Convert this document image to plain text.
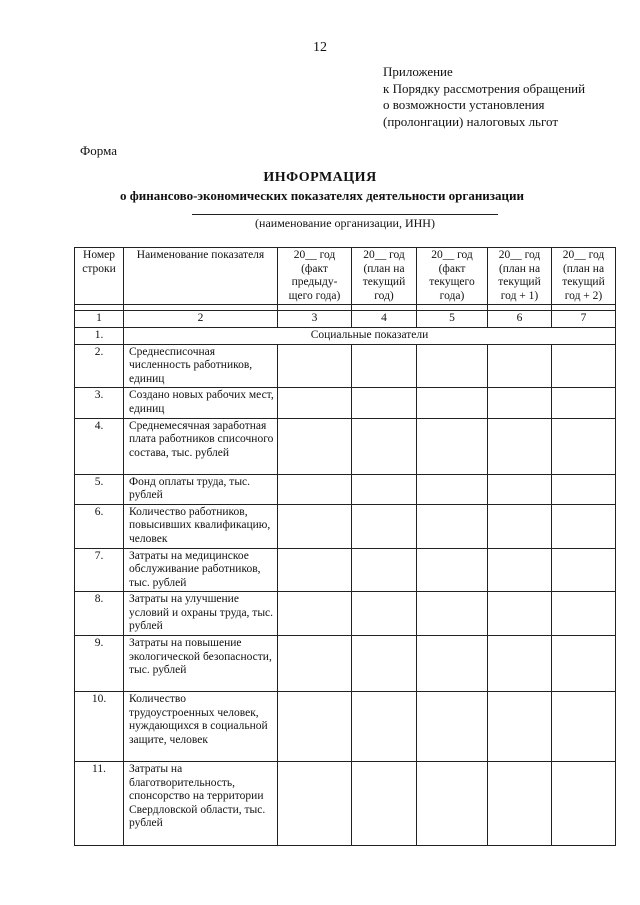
12
Приложение
к Порядку рассмотрения обращений
о возможности установления
(пролонгации) налоговых льгот
Форма
ИНФОРМАЦИЯ
о финансово-экономических показателях деятельности организации
(наименование организации, ИНН)
Номер строки	Наименование показателя	20__ год (факт предыду-щего года)	20__ год (план на текущий год)	20__ год (факт текущего года)	20__ год (план на текущий год + 1)	20__ год (план на текущий год + 2)

1	2	3	4	5	6	7
1.	Социальные показатели					
2.	Среднесписочная численность работников, единиц					
3.	Создано новых рабочих мест, единиц					
4.	Среднемесячная заработная плата работников списочного состава, тыс. рублей					
5.	Фонд оплаты труда, тыс. рублей					
6.	Количество работников, повысивших квалификацию, человек					
7.	Затраты на медицинское обслуживание работников, тыс. рублей					
8.	Затраты на улучшение условий и охраны труда, тыс. рублей					
9.	Затраты на повышение экологической безопасности, тыс. рублей					
10.	Количество трудоустроенных человек, нуждающихся в социальной защите, человек					
11.	Затраты на благотворительность, спонсорство на территории Свердловской области, тыс. рублей					
